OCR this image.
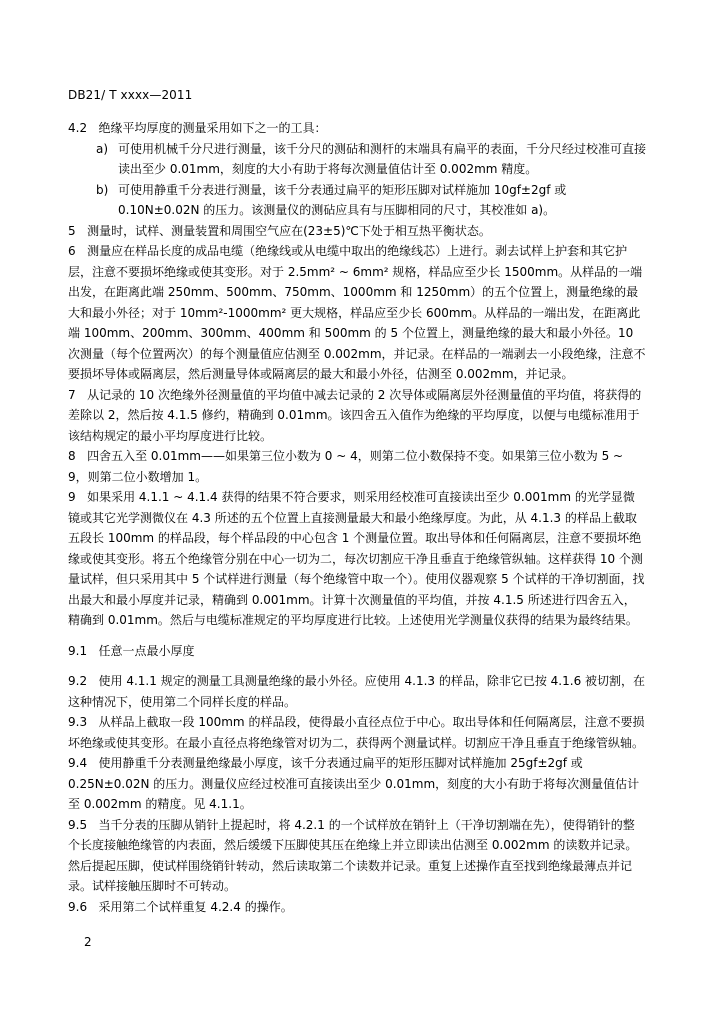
DB21/ T xxxx—2011

4.2   绝缘平均厚度的测量采用如下之一的工具：

a) 可使用机械千分尺进行测量，该千分尺的测砧和测杆的末端具有扁平的表面，千分尺经过校准可直接读出至少 0.01mm，刻度的大小有助于将每次测量值估计至 0.002mm 精度。
b) 可使用静重千分表进行测量，该千分表通过扁平的矩形压脚对试样施加 10gf±2gf 或 0.10N±0.02N 的压力。该测量仪的测砧应具有与压脚相同的尺寸，其校准如 a)。

5   测量时，试样、测量装置和周围空气应在(23±5)℃下处于相互热平衡状态。

6   测量应在样品长度的成品电缆（绝缘线或从电缆中取出的绝缘线芯）上进行。剥去试样上护套和其它护层，注意不要损坏绝缘或使其变形。对于 2.5mm² ~ 6mm² 规格，样品应至少长 1500mm。从样品的一端出发，在距离此端 250mm、500mm、750mm、1000mm 和 1250mm）的五个位置上，测量绝缘的最大和最小外径；对于 10mm²-1000mm² 更大规格，样品应至少长 600mm。从样品的一端出发，在距离此端 100mm、200mm、300mm、400mm 和 500mm 的 5 个位置上，测量绝缘的最大和最小外径。10 次测量（每个位置两次）的每个测量值应估测至 0.002mm，并记录。在样品的一端剥去一小段绝缘，注意不要损坏导体或隔离层，然后测量导体或隔离层的最大和最小外径，估测至 0.002mm，并记录。

7   从记录的 10 次绝缘外径测量值的平均值中减去记录的 2 次导体或隔离层外径测量值的平均值，将获得的差除以 2，然后按 4.1.5 修约，精确到 0.01mm。该四舍五入值作为绝缘的平均厚度，以便与电缆标准用于该结构规定的最小平均厚度进行比较。

8   四舍五入至 0.01mm——如果第三位小数为 0 ~ 4，则第二位小数保持不变。如果第三位小数为 5 ~ 9，则第二位小数增加 1。

9   如果采用 4.1.1 ~ 4.1.4 获得的结果不符合要求，则采用经校准可直接读出至少 0.001mm 的光学显微镜或其它光学测微仪在 4.3 所述的五个位置上直接测量最大和最小绝缘厚度。为此，从 4.1.3 的样品上截取五段长 100mm 的样品段，每个样品段的中心包含 1 个测量位置。取出导体和任何隔离层，注意不要损坏绝缘或使其变形。将五个绝缘管分别在中心一切为二，每次切割应干净且垂直于绝缘管纵轴。这样获得 10 个测量试样，但只采用其中 5 个试样进行测量（每个绝缘管中取一个）。使用仪器观察 5 个试样的干净切割面，找出最大和最小厚度并记录，精确到 0.001mm。计算十次测量值的平均值，并按 4.1.5 所述进行四舍五入，精确到 0.01mm。然后与电缆标准规定的平均厚度进行比较。上述使用光学测量仪获得的结果为最终结果。

9.1   任意一点最小厚度

9.2   使用 4.1.1 规定的测量工具测量绝缘的最小外径。应使用 4.1.3 的样品，除非它已按 4.1.6 被切割，在这种情况下，使用第二个同样长度的样品。

9.3   从样品上截取一段 100mm 的样品段，使得最小直径点位于中心。取出导体和任何隔离层，注意不要损坏绝缘或使其变形。在最小直径点将绝缘管对切为二，获得两个测量试样。切割应干净且垂直于绝缘管纵轴。

9.4   使用静重千分表测量绝缘最小厚度，该千分表通过扁平的矩形压脚对试样施加 25gf±2gf 或 0.25N±0.02N 的压力。测量仪应经过校准可直接读出至少 0.01mm，刻度的大小有助于将每次测量值估计至 0.002mm 的精度。见 4.1.1。

9.5   当千分表的压脚从销针上提起时，将 4.2.1 的一个试样放在销针上（干净切割端在先），使得销针的整个长度接触绝缘管的内表面，然后缓缓下压脚使其压在绝缘上并立即读出估测至 0.002mm 的读数并记录。然后提起压脚，使试样围绕销针转动，然后读取第二个读数并记录。重复上述操作直至找到绝缘最薄点并记录。试样接触压脚时不可转动。

9.6   采用第二个试样重复 4.2.4 的操作。

2
